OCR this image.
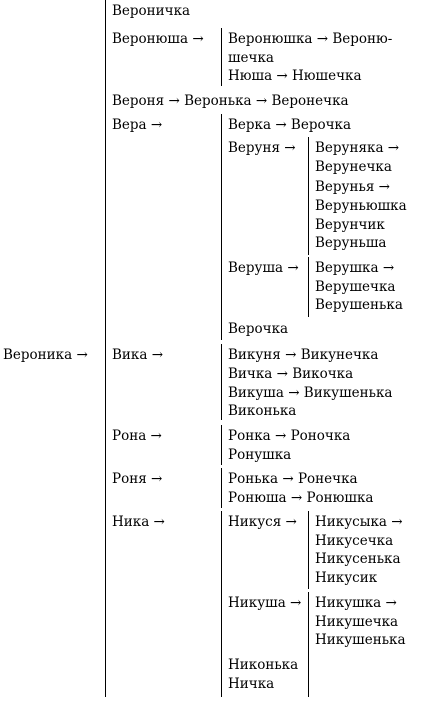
Вероника →
Вероничка
Веронюша → Веронюшка → Вероню-
шечка
Нюша → Нюшечка
Вероня → Веронька → Веронечка
Вера →	Верка → Верочка
Веруня → Веруняка →
Верунечка
Верунья →
Веруньюшка
Верунчик
Веруньша
Веруша → Верушка →
Верушечка
Верушенька
Верочка
Вика →	Викуня → Викунечка
Вичка → Викочка
Викуша → Викушенька
Виконька
Рона →	Ронка → Роночка
Ронушка
Роня →	Ронька → Ронечка
Ронюша → Ронюшка
Ника →	Никуся → Никусыка →
Никусечка
Никусенька
Никусик
Никуша → Никушка →
Никушечка
Никушенька
Никонька
Ничка
